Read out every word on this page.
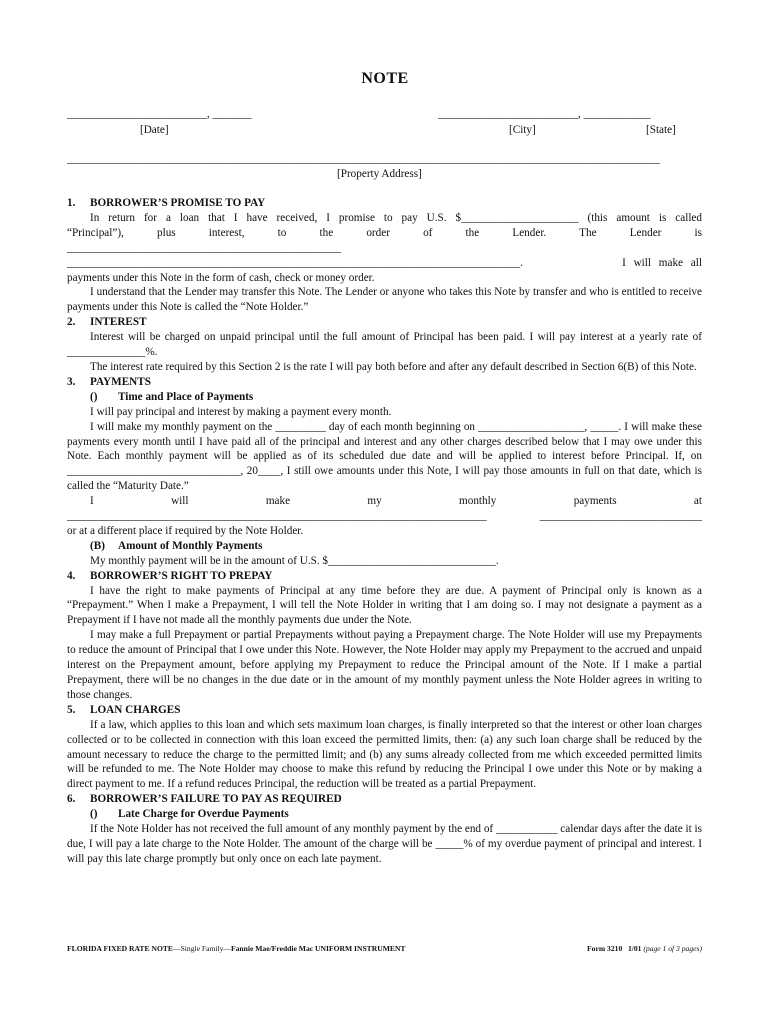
NOTE
_________________________, _______
[Date]
_________________________, ____________
[City]	[State]
__________________________________________________________________________________________________________
[Property Address]

1. BORROWER’S PROMISE TO PAY

In return for a loan that I have received, I promise to pay U.S. $_____________________ (this amount is called

“Principal”),    plus    interest,    to    the    order    of    the    Lender.    The    Lender    is

_________________________________________________

_________________________________________________________________________________.	I will make all

payments under this Note in the form of cash, check or money order.

I understand that the Lender may transfer this Note. The Lender or anyone who takes this Note by transfer and who is entitled to receive payments under this Note is called the “Note Holder.”

2. INTEREST

Interest will be charged on unpaid principal until the full amount of Principal has been paid. I will pay interest at a yearly rate of ______________%.

The interest rate required by this Section 2 is the rate I will pay both before and after any default described in Section 6(B) of this Note.

3. PAYMENTS

() Time and Place of Payments

I will pay principal and interest by making a payment every month.

I will make my monthly payment on the _________ day of each month beginning on ___________________, _____. I will make these payments every month until I have paid all of the principal and interest and any other charges described below that I may owe under this Note. Each monthly payment will be applied as of its scheduled due date and will be applied to interest before Principal. If, on _______________________________, 20____, I still owe amounts under this Note, I will pay those amounts in full on that date, which is called the “Maturity Date.”

I will make my monthly payments at

___________________________________________________________________________ _____________________________

or at a different place if required by the Note Holder.

(B) Amount of Monthly Payments

My monthly payment will be in the amount of U.S. $______________________________.

4. BORROWER’S RIGHT TO PREPAY

I have the right to make payments of Principal at any time before they are due. A payment of Principal only is known as a “Prepayment.” When I make a Prepayment, I will tell the Note Holder in writing that I am doing so. I may not designate a payment as a Prepayment if I have not made all the monthly payments due under the Note.

I may make a full Prepayment or partial Prepayments without paying a Prepayment charge. The Note Holder will use my Prepayments to reduce the amount of Principal that I owe under this Note. However, the Note Holder may apply my Prepayment to the accrued and unpaid interest on the Prepayment amount, before applying my Prepayment to reduce the Principal amount of the Note. If I make a partial Prepayment, there will be no changes in the due date or in the amount of my monthly payment unless the Note Holder agrees in writing to those changes.

5. LOAN CHARGES

If a law, which applies to this loan and which sets maximum loan charges, is finally interpreted so that the interest or other loan charges collected or to be collected in connection with this loan exceed the permitted limits, then: (a) any such loan charge shall be reduced by the amount necessary to reduce the charge to the permitted limit; and (b) any sums already collected from me which exceeded permitted limits will be refunded to me. The Note Holder may choose to make this refund by reducing the Principal I owe under this Note or by making a direct payment to me. If a refund reduces Principal, the reduction will be treated as a partial Prepayment.

6. BORROWER’S FAILURE TO PAY AS REQUIRED

() Late Charge for Overdue Payments

If the Note Holder has not received the full amount of any monthly payment by the end of ___________ calendar days after the date it is due, I will pay a late charge to the Note Holder. The amount of the charge will be _____% of my overdue payment of principal and interest. I will pay this late charge promptly but only once on each late payment.

FLORIDA FIXED RATE NOTE—Single Family—Fannie Mae/Freddie Mac UNIFORM INSTRUMENT	Form 3210   1/01 (page 1 of 3 pages)
